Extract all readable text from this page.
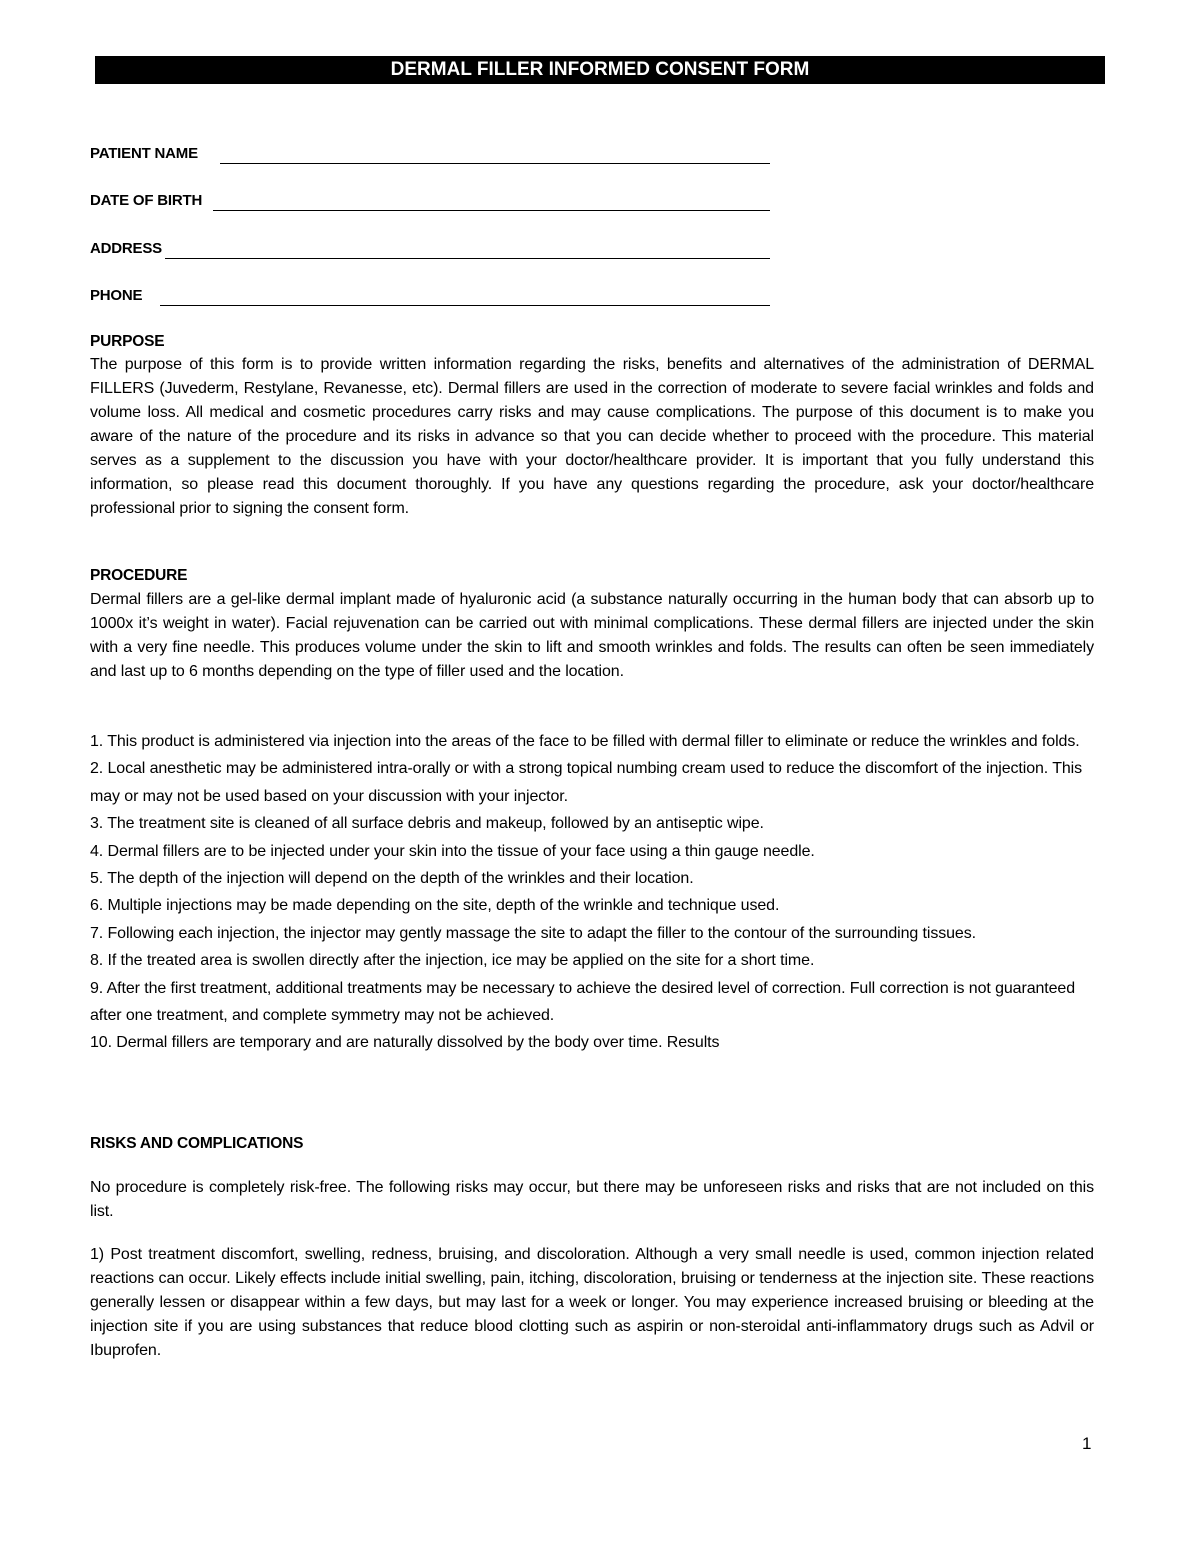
DERMAL FILLER INFORMED CONSENT FORM
PATIENT NAME
DATE OF BIRTH
ADDRESS
PHONE
PURPOSE
The purpose of this form is to provide written information regarding the risks, benefits and alternatives of the administration of DERMAL FILLERS (Juvederm, Restylane, Revanesse, etc). Dermal fillers are used in the correction of moderate to severe facial wrinkles and folds and volume loss. All medical and cosmetic procedures carry risks and may cause complications. The purpose of this document is to make you aware of the nature of the procedure and its risks in advance so that you can decide whether to proceed with the procedure. This material serves as a supplement to the discussion you have with your doctor/healthcare provider. It is important that you fully understand this information, so please read this document thoroughly. If you have any questions regarding the procedure, ask your doctor/healthcare professional prior to signing the consent form.
PROCEDURE
Dermal fillers are a gel-like dermal implant made of hyaluronic acid (a substance naturally occurring in the human body that can absorb up to 1000x it’s weight in water). Facial rejuvenation can be carried out with minimal complications. These dermal fillers are injected under the skin with a very fine needle. This produces volume under the skin to lift and smooth wrinkles and folds. The results can often be seen immediately and last up to 6 months depending on the type of filler used and the location.
1. This product is administered via injection into the areas of the face to be filled with dermal filler to eliminate or reduce the wrinkles and folds.
2. Local anesthetic may be administered intra-orally or with a strong topical numbing cream used to reduce the discomfort of the injection. This may or may not be used based on your discussion with your injector.
3. The treatment site is cleaned of all surface debris and makeup, followed by an antiseptic wipe.
4. Dermal fillers are to be injected under your skin into the tissue of your face using a thin gauge needle.
5. The depth of the injection will depend on the depth of the wrinkles and their location.
6. Multiple injections may be made depending on the site, depth of the wrinkle and technique used.
7. Following each injection, the injector may gently massage the site to adapt the filler to the contour of the surrounding tissues.
8. If the treated area is swollen directly after the injection, ice may be applied on the site for a short time.
9. After the first treatment, additional treatments may be necessary to achieve the desired level of correction. Full correction is not guaranteed after one treatment, and complete symmetry may not be achieved.
10. Dermal fillers are temporary and are naturally dissolved by the body over time. Results
RISKS AND COMPLICATIONS
No procedure is completely risk-free. The following risks may occur, but there may be unforeseen risks and risks that are not included on this list.
1) Post treatment discomfort, swelling, redness, bruising, and discoloration. Although a very small needle is used, common injection related reactions can occur. Likely effects include initial swelling, pain, itching, discoloration, bruising or tenderness at the injection site. These reactions generally lessen or disappear within a few days, but may last for a week or longer. You may experience increased bruising or bleeding at the injection site if you are using substances that reduce blood clotting such as aspirin or non-steroidal anti-inflammatory drugs such as Advil or Ibuprofen.
1
